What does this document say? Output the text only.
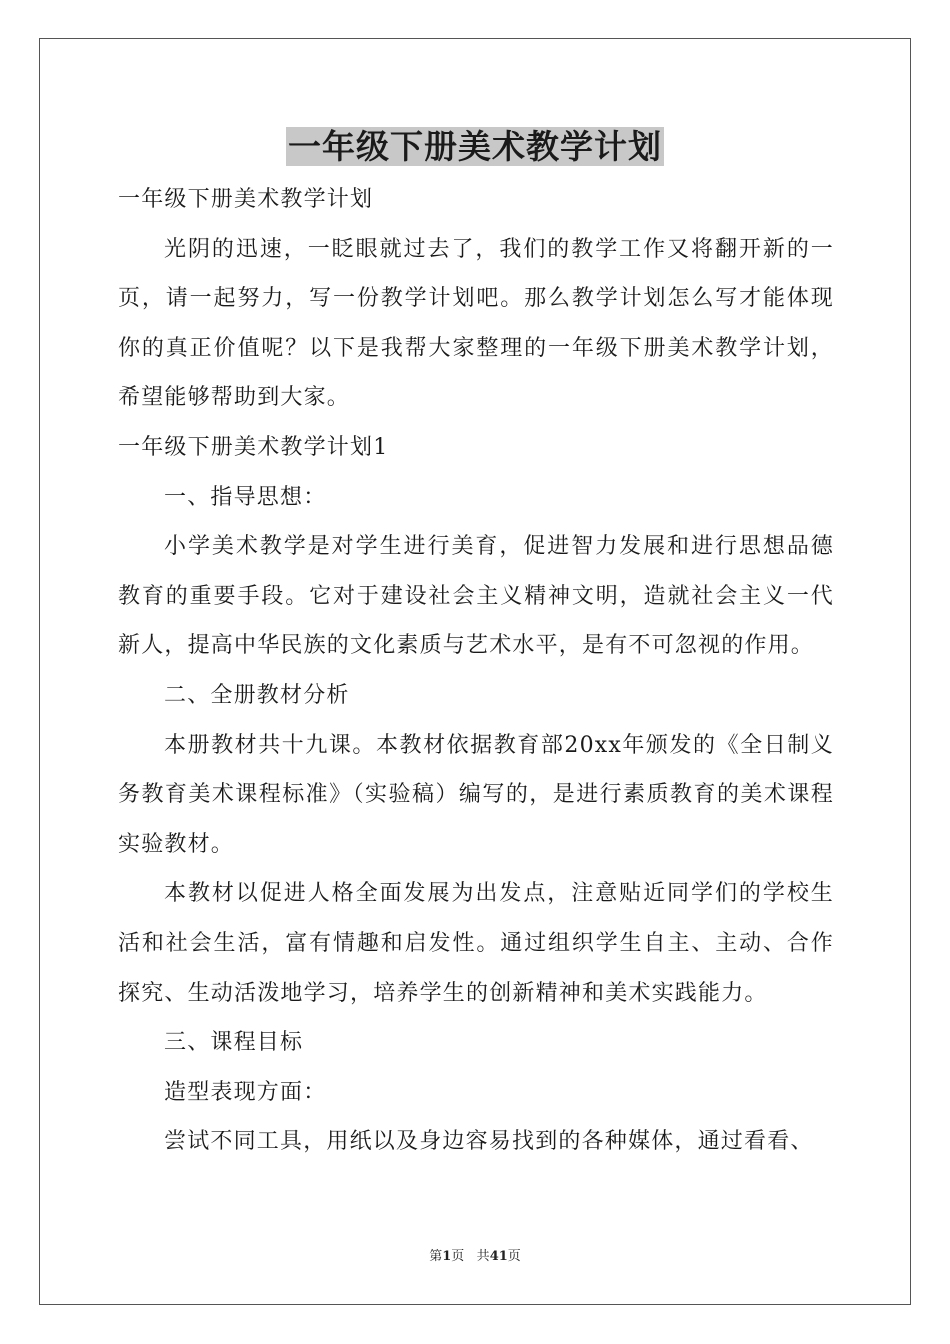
一年级下册美术教学计划

一年级下册美术教学计划

光阴的迅速，一眨眼就过去了，我们的教学工作又将翻开新的一页，请一起努力，写一份教学计划吧。那么教学计划怎么写才能体现你的真正价值呢？以下是我帮大家整理的一年级下册美术教学计划，希望能够帮助到大家。

一年级下册美术教学计划1

一、指导思想：

小学美术教学是对学生进行美育，促进智力发展和进行思想品德教育的重要手段。它对于建设社会主义精神文明，造就社会主义一代新人，提高中华民族的文化素质与艺术水平，是有不可忽视的作用。

二、全册教材分析

本册教材共十九课。本教材依据教育部20xx年颁发的《全日制义务教育美术课程标准》（实验稿）编写的，是进行素质教育的美术课程实验教材。

本教材以促进人格全面发展为出发点，注意贴近同学们的学校生活和社会生活，富有情趣和启发性。通过组织学生自主、主动、合作探究、生动活泼地学习，培养学生的创新精神和美术实践能力。

三、课程目标

造型表现方面：

尝试不同工具，用纸以及身边容易找到的各种媒体，通过看看、

第1页 共41页
